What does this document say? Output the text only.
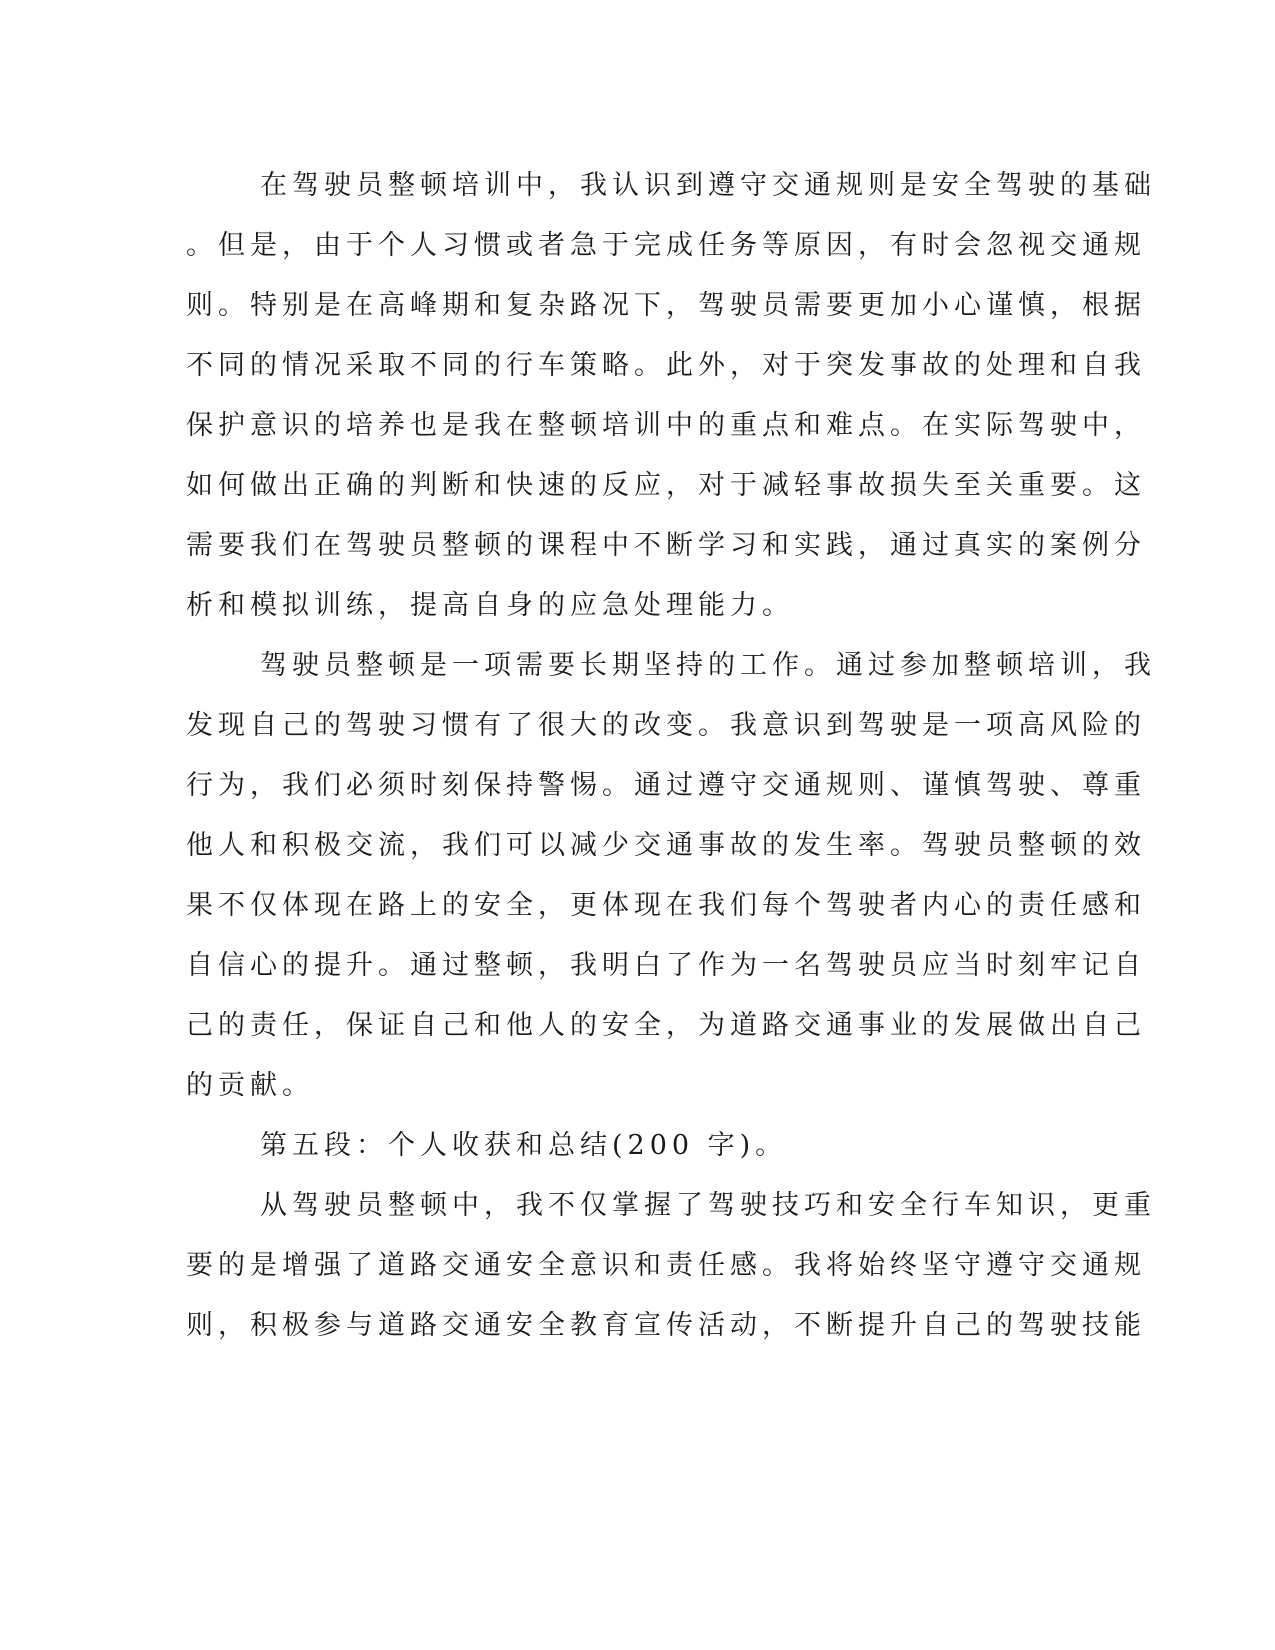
在驾驶员整顿培训中，我认识到遵守交通规则是安全驾驶的基础
。但是，由于个人习惯或者急于完成任务等原因，有时会忽视交通规
则。特别是在高峰期和复杂路况下，驾驶员需要更加小心谨慎，根据
不同的情况采取不同的行车策略。此外，对于突发事故的处理和自我
保护意识的培养也是我在整顿培训中的重点和难点。在实际驾驶中，
如何做出正确的判断和快速的反应，对于减轻事故损失至关重要。这
需要我们在驾驶员整顿的课程中不断学习和实践，通过真实的案例分
析和模拟训练，提高自身的应急处理能力。
驾驶员整顿是一项需要长期坚持的工作。通过参加整顿培训，我
发现自己的驾驶习惯有了很大的改变。我意识到驾驶是一项高风险的
行为，我们必须时刻保持警惕。通过遵守交通规则、谨慎驾驶、尊重
他人和积极交流，我们可以减少交通事故的发生率。驾驶员整顿的效
果不仅体现在路上的安全，更体现在我们每个驾驶者内心的责任感和
自信心的提升。通过整顿，我明白了作为一名驾驶员应当时刻牢记自
己的责任，保证自己和他人的安全，为道路交通事业的发展做出自己
的贡献。
第五段：个人收获和总结(200 字)。
从驾驶员整顿中，我不仅掌握了驾驶技巧和安全行车知识，更重
要的是增强了道路交通安全意识和责任感。我将始终坚守遵守交通规
则，积极参与道路交通安全教育宣传活动，不断提升自己的驾驶技能
